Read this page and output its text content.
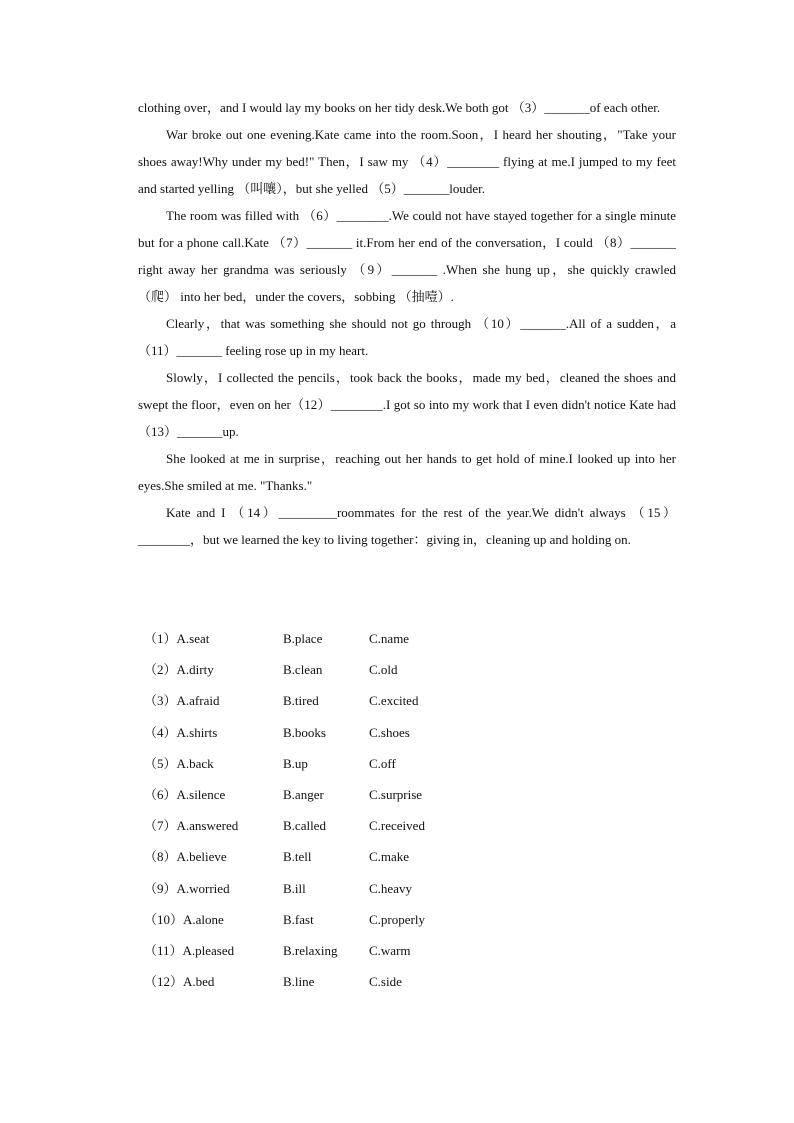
clothing over，and I would lay my books on her tidy desk.We both got （3）_______of each other.

War broke out one evening.Kate came into the room.Soon，I heard her shouting，"Take your shoes away!Why under my bed!" Then，I saw my （4）________ flying at me.I jumped to my feet and started yelling （叫嚷），but she yelled （5）_______louder.

The room was filled with （6）________.We could not have stayed together for a single minute but for a phone call.Kate （7）_______ it.From her end of the conversation，I could （8）_______ right away her grandma was seriously （9）_______ .When she hung up，she quickly crawled （爬） into her bed，under the covers，sobbing （抽噎）.

Clearly，that was something she should not go through （10）_______.All of a sudden，a （11）_______ feeling rose up in my heart.

Slowly，I collected the pencils，took back the books，made my bed，cleaned the shoes and swept the floor，even on her（12）________.I got so into my work that I even didn't notice Kate had （13）_______up.

She looked at me in surprise，reaching out her hands to get hold of mine.I looked up into her eyes.She smiled at me. "Thanks."

Kate and I （14）_________roommates for the rest of the year.We didn't always （15）________，but we learned the key to living together：giving in，cleaning up and holding on.

（1）A.seat	B.place	C.name
（2）A.dirty	B.clean	C.old
（3）A.afraid	B.tired	C.excited
（4）A.shirts	B.books	C.shoes
（5）A.back	B.up	C.off
（6）A.silence	B.anger	C.surprise
（7）A.answered	B.called	C.received
（8）A.believe	B.tell	C.make
（9）A.worried	B.ill	C.heavy
（10）A.alone	B.fast	C.properly
（11）A.pleased	B.relaxing C.warm
（12）A.bed	B.line	C.side
